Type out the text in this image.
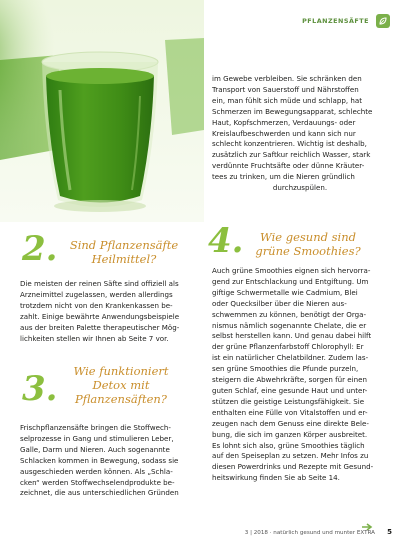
PFLANZENSÄFTE

im Gewebe verbleiben. Sie schränken den

Transport von Sauerstoff und Nährstoffen

ein, man fühlt sich müde und schlapp, hat

Schmerzen im Bewegungsapparat, schlechte

Haut, Kopfschmerzen, Verdauungs- oder

Kreislaufbeschwerden und kann sich nur

schlecht konzentrieren. Wichtig ist deshalb,

zusätzlich zur Saftkur reichlich Wasser, stark

verdünnte Fruchtsäfte oder dünne Kräuter-

tees zu trinken, um die Nieren gründlich

durchzuspülen.

2.	Sind Pflanzensäfte
Heilmittel?

Die meisten der reinen Säfte sind offiziell als

Arzneimittel zugelassen, werden allerdings

trotzdem nicht von den Krankenkassen be-

zahlt. Einige bewährte Anwendungsbeispiele

aus der breiten Palette therapeutischer Mög-

lichkeiten stellen wir Ihnen ab Seite 7 vor.

3.	Wie funktioniert
Detox mit
Pflanzensäften?

Frischpflanzensäfte bringen die Stoffwech-

selprozesse in Gang und stimulieren Leber,

Galle, Darm und Nieren. Auch sogenannte

Schlacken kommen in Bewegung, sodass sie

ausgeschieden werden können. Als „Schla-

cken“ werden Stoffwechselendprodukte be-

zeichnet, die aus unterschiedlichen Gründen

4.	Wie gesund sind
grüne Smoothies?

Auch grüne Smoothies eignen sich hervorra-

gend zur Entschlackung und Entgiftung. Um

giftige Schwermetalle wie Cadmium, Blei

oder Quecksilber über die Nieren aus-

schwemmen zu können, benötigt der Orga-

nismus nämlich sogenannte Chelate, die er

selbst herstellen kann. Und genau dabei hilft

der grüne Pflanzenfarbstoff Chlorophyll: Er

ist ein natürlicher Chelatbildner. Zudem las-

sen grüne Smoothies die Pfunde purzeln,

steigern die Abwehrkräfte, sorgen für einen

guten Schlaf, eine gesunde Haut und unter-

stützen die geistige Leistungsfähigkeit. Sie

enthalten eine Fülle von Vitalstoffen und er-

zeugen nach dem Genuss eine direkte Bele-

bung, die sich im ganzen Körper ausbreitet.

Es lohnt sich also, grüne Smoothies täglich

auf den Speiseplan zu setzen. Mehr Infos zu

diesen Powerdrinks und Rezepte mit Gesund-

heitswirkung finden Sie ab Seite 14.

3 | 2018 · natürlich gesund und munter EXTRA 5
